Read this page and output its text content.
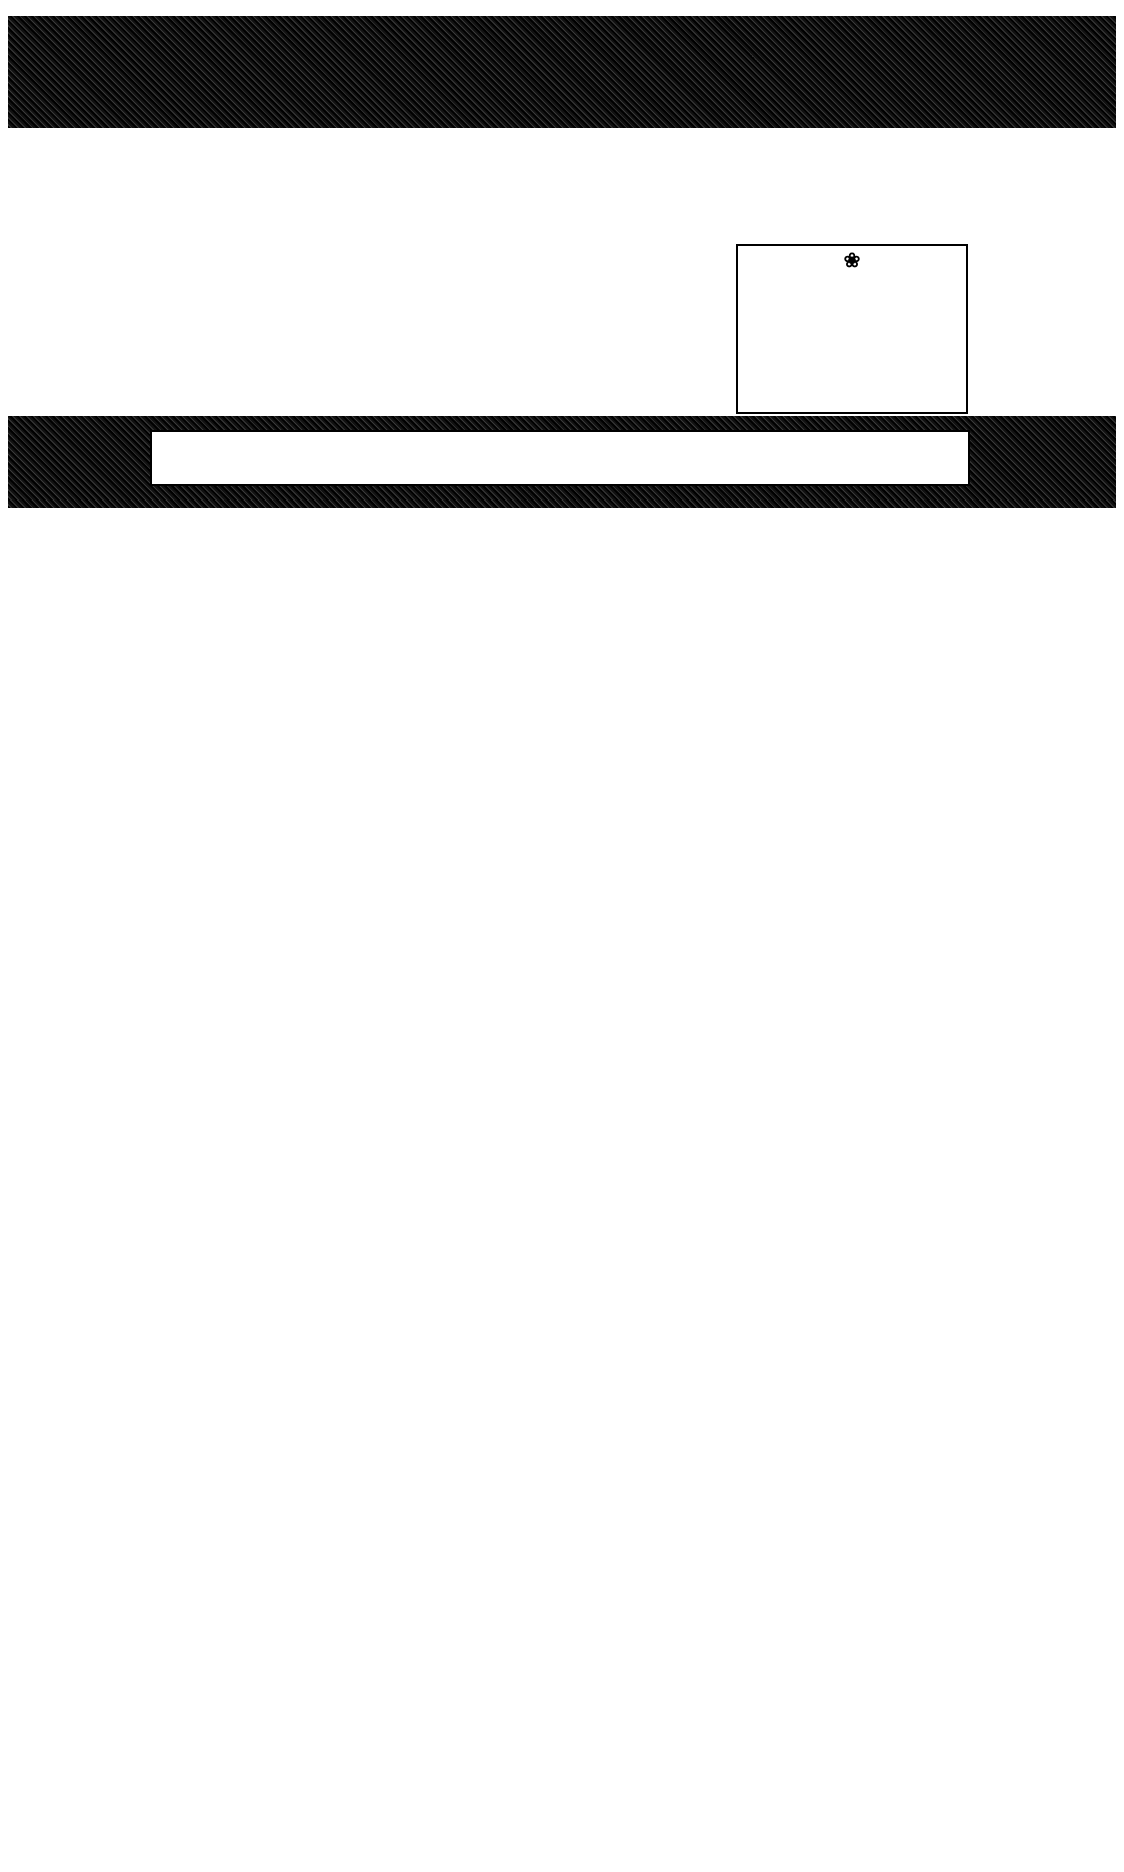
❀
